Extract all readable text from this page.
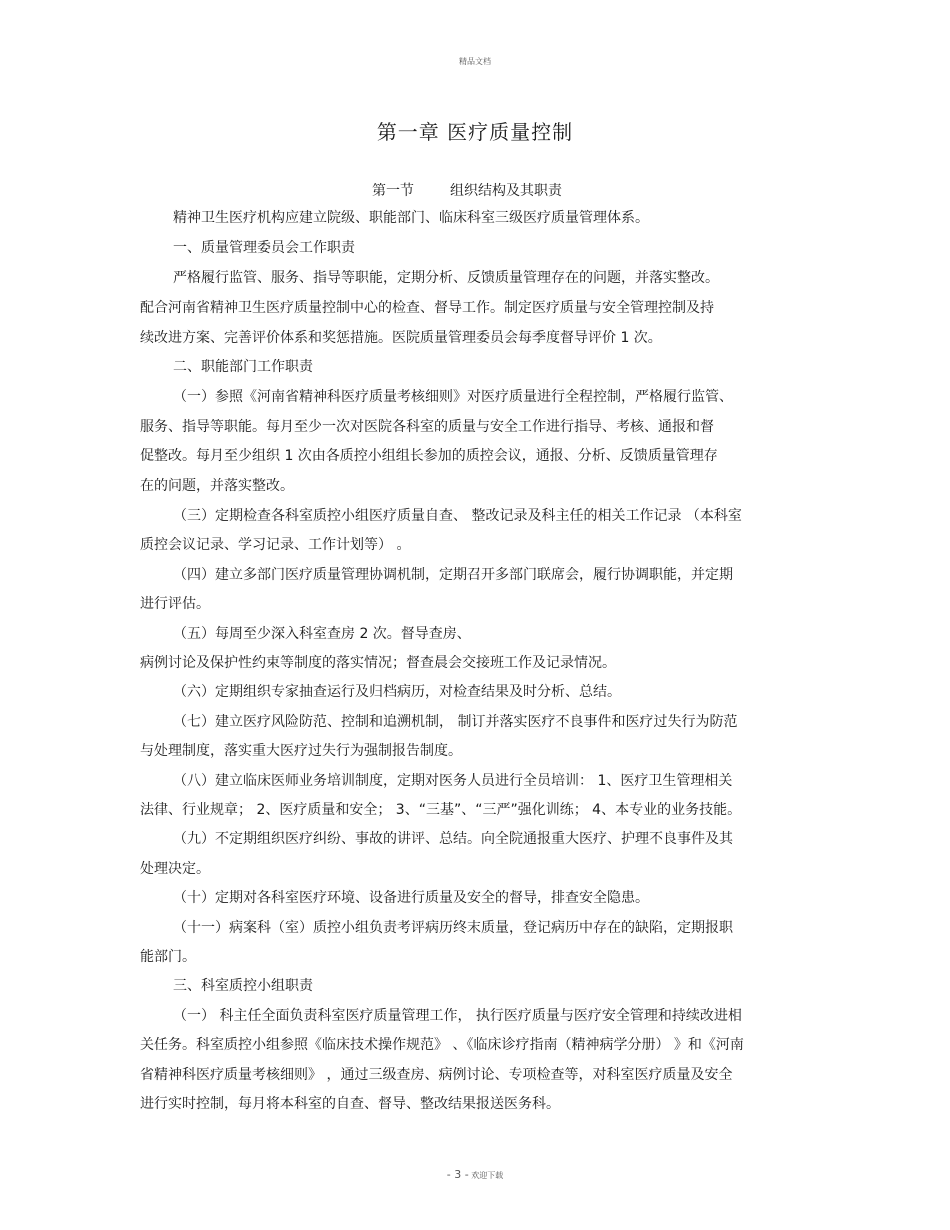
精品文档
第一章 医疗质量控制
第一节	组织结构及其职责
精神卫生医疗机构应建立院级、职能部门、临床科室三级医疗质量管理体系。
一、质量管理委员会工作职责
严格履行监管、服务、指导等职能，定期分析、反馈质量管理存在的问题，并落实整改。
配合河南省精神卫生医疗质量控制中心的检查、督导工作。制定医疗质量与安全管理控制及持
续改进方案、完善评价体系和奖惩措施。医院质量管理委员会每季度督导评价 1 次。
二、职能部门工作职责
（一）参照《河南省精神科医疗质量考核细则》对医疗质量进行全程控制，严格履行监管、
服务、指导等职能。每月至少一次对医院各科室的质量与安全工作进行指导、考核、通报和督
促整改。每月至少组织 1 次由各质控小组组长参加的质控会议，通报、分析、反馈质量管理存
在的问题，并落实整改。
（三）定期检查各科室质控小组医疗质量自查、 整改记录及科主任的相关工作记录 （本科室
质控会议记录、学习记录、工作计划等） 。
（四）建立多部门医疗质量管理协调机制，定期召开多部门联席会，履行协调职能，并定期
进行评估。
（五）每周至少深入科室查房 2 次。督导查房、
病例讨论及保护性约束等制度的落实情况；督查晨会交接班工作及记录情况。
（六）定期组织专家抽查运行及归档病历，对检查结果及时分析、总结。
（七）建立医疗风险防范、控制和追溯机制， 制订并落实医疗不良事件和医疗过失行为防范
与处理制度，落实重大医疗过失行为强制报告制度。
（八）建立临床医师业务培训制度，定期对医务人员进行全员培训： 1、医疗卫生管理相关
法律、行业规章； 2、医疗质量和安全； 3、“三基”、“三严”强化训练； 4、本专业的业务技能。
（九）不定期组织医疗纠纷、事故的讲评、总结。向全院通报重大医疗、护理不良事件及其
处理决定。
（十）定期对各科室医疗环境、设备进行质量及安全的督导，排查安全隐患。
（十一）病案科（室）质控小组负责考评病历终末质量，登记病历中存在的缺陷，定期报职
能部门。
三、科室质控小组职责
（一） 科主任全面负责科室医疗质量管理工作， 执行医疗质量与医疗安全管理和持续改进相
关任务。科室质控小组参照《临床技术操作规范》 、《临床诊疗指南（精神病学分册） 》和《河南
省精神科医疗质量考核细则》 ，通过三级查房、病例讨论、专项检查等，对科室医疗质量及安全
进行实时控制，每月将本科室的自查、督导、整改结果报送医务科。
- 3 - 欢迎下载
